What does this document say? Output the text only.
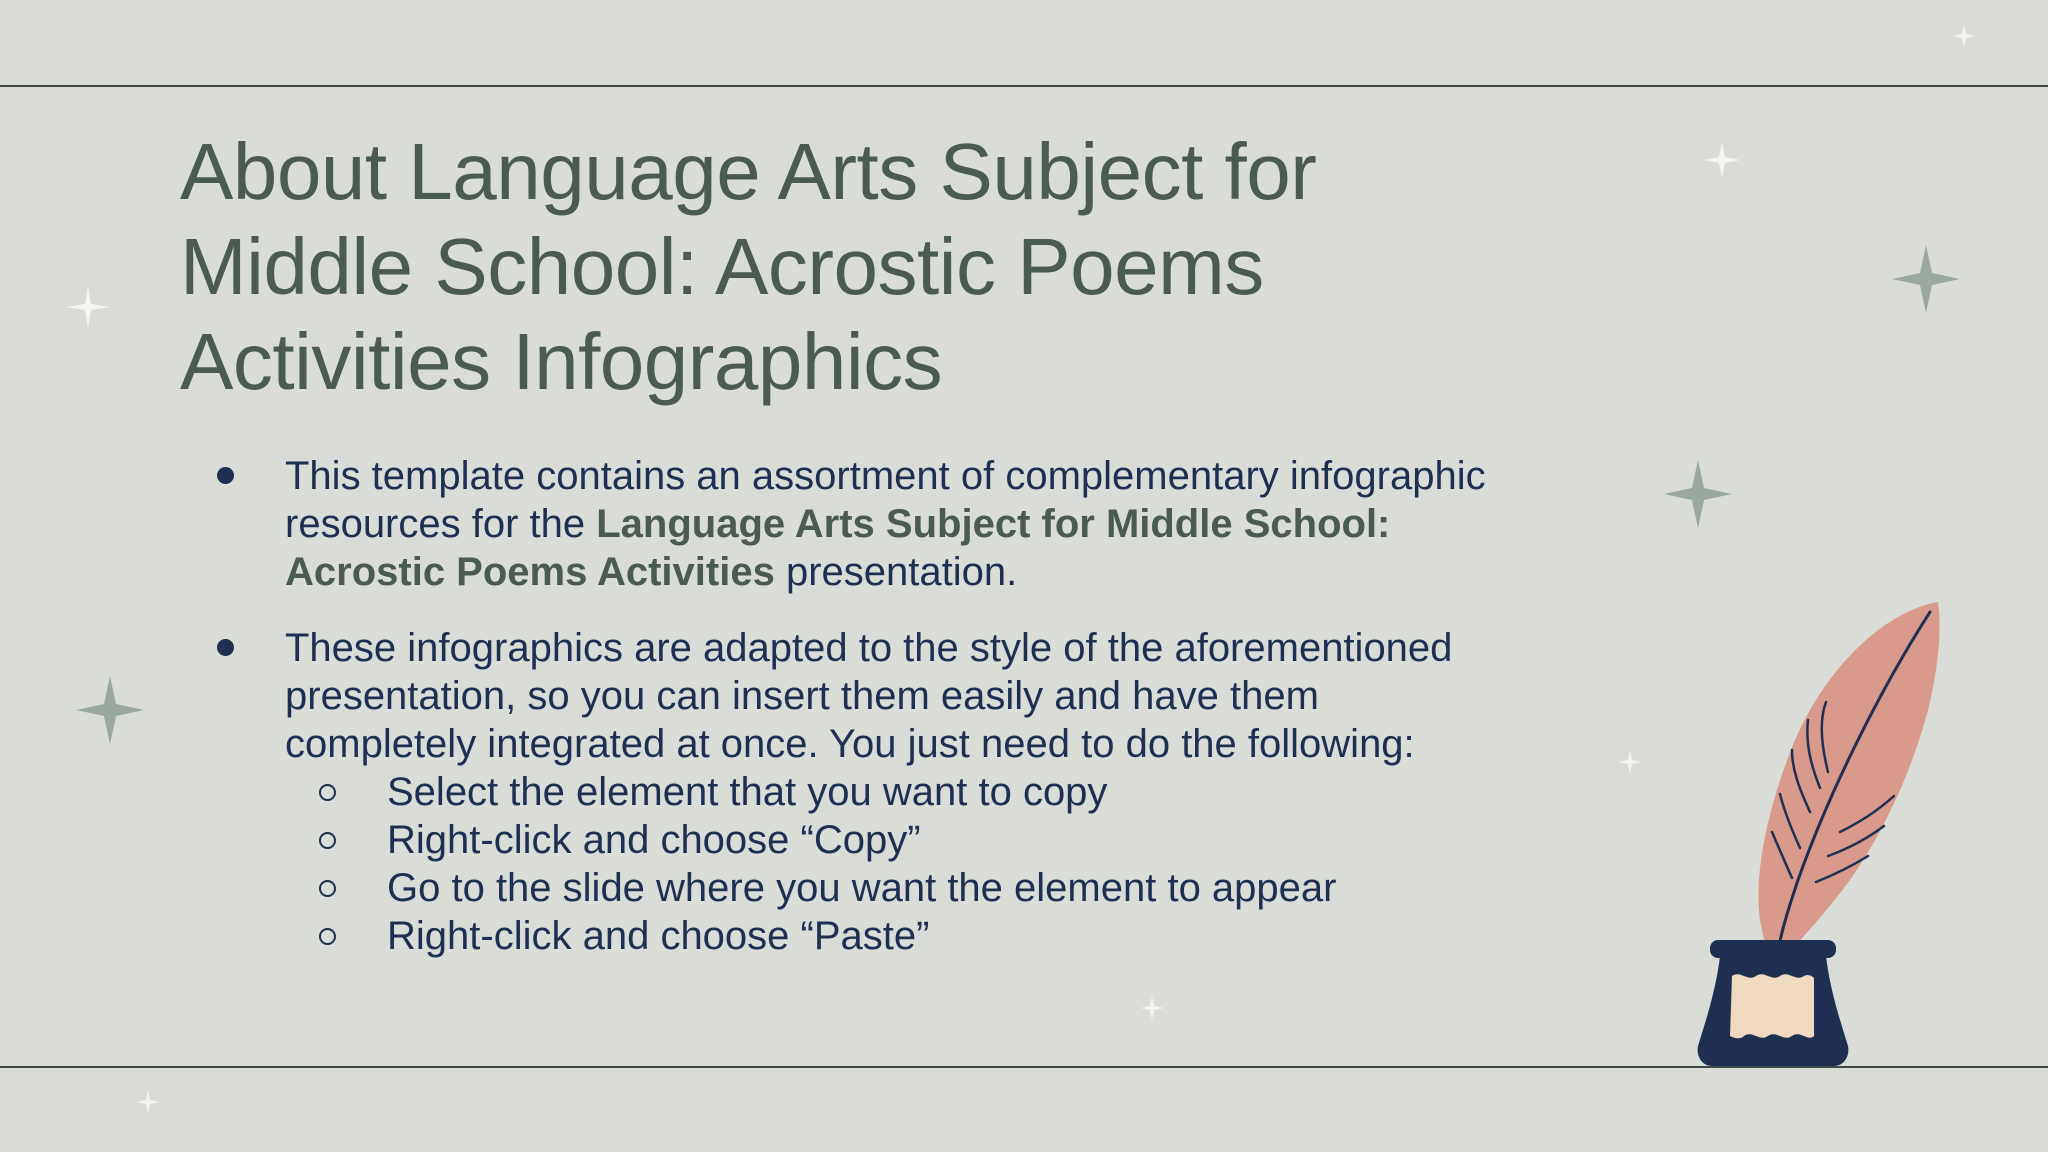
About Language Arts Subject for
Middle School: Acrostic Poems
Activities Infographics
This template contains an assortment of complementary infographic
resources for the Language Arts Subject for Middle School:
Acrostic Poems Activities presentation.
These infographics are adapted to the style of the aforementioned
presentation, so you can insert them easily and have them
completely integrated at once. You just need to do the following:
Select the element that you want to copy
Right-click and choose “Copy”
Go to the slide where you want the element to appear
Right-click and choose “Paste”
